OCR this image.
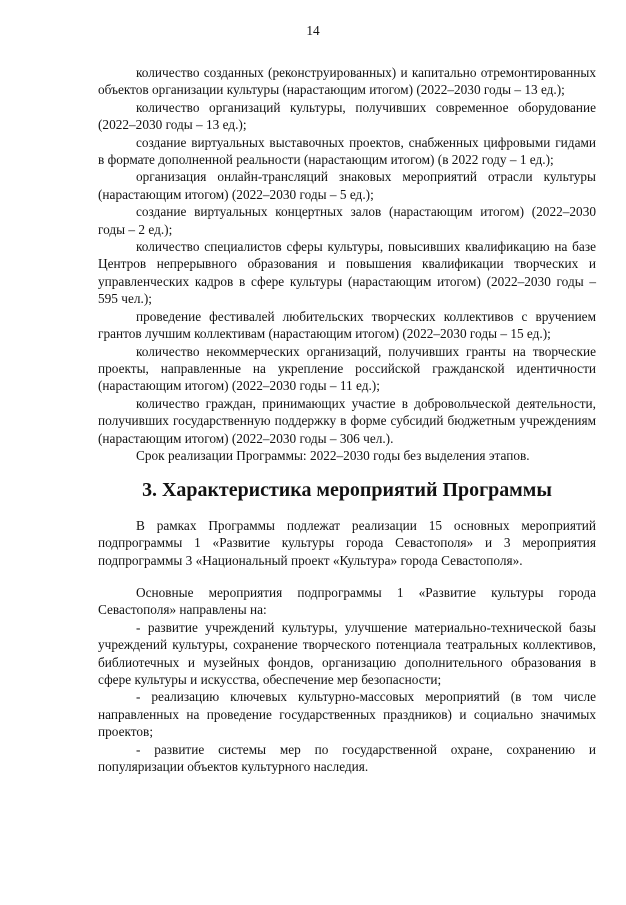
14

количество созданных (реконструированных) и капитально отремонтированных объектов организации культуры (нарастающим итогом) (2022–2030 годы – 13 ед.);

количество организаций культуры, получивших современное оборудование (2022–2030 годы – 13 ед.);

создание виртуальных выставочных проектов, снабженных цифровыми гидами в формате дополненной реальности (нарастающим итогом) (в 2022 году – 1 ед.);

организация онлайн-трансляций знаковых мероприятий отрасли культуры (нарастающим итогом) (2022–2030 годы – 5 ед.);

создание виртуальных концертных залов (нарастающим итогом) (2022–2030 годы – 2 ед.);

количество специалистов сферы культуры, повысивших квалификацию на базе Центров непрерывного образования и повышения квалификации творческих и управленческих кадров в сфере культуры (нарастающим итогом) (2022–2030 годы – 595 чел.);

проведение фестивалей любительских творческих коллективов с вручением грантов лучшим коллективам (нарастающим итогом) (2022–2030 годы – 15 ед.);

количество некоммерческих организаций, получивших гранты на творческие проекты, направленные на укрепление российской гражданской идентичности (нарастающим итогом) (2022–2030 годы – 11 ед.);

количество граждан, принимающих участие в добровольческой деятельности, получивших государственную поддержку в форме субсидий бюджетным учреждениям (нарастающим итогом) (2022–2030 годы – 306 чел.).

Срок реализации Программы: 2022–2030 годы без выделения этапов.

3. Характеристика мероприятий Программы

В рамках Программы подлежат реализации 15 основных мероприятий подпрограммы 1 «Развитие культуры города Севастополя» и 3 мероприятия подпрограммы 3 «Национальный проект «Культура» города Севастополя».

Основные мероприятия подпрограммы 1 «Развитие культуры города Севастополя» направлены на:

- развитие учреждений культуры, улучшение материально-технической базы учреждений культуры, сохранение творческого потенциала театральных коллективов, библиотечных и музейных фондов, организацию дополнительного образования в сфере культуры и искусства, обеспечение мер безопасности;

- реализацию ключевых культурно-массовых мероприятий (в том числе направленных на проведение государственных праздников) и социально значимых проектов;

- развитие системы мер по государственной охране, сохранению и популяризации объектов культурного наследия.
